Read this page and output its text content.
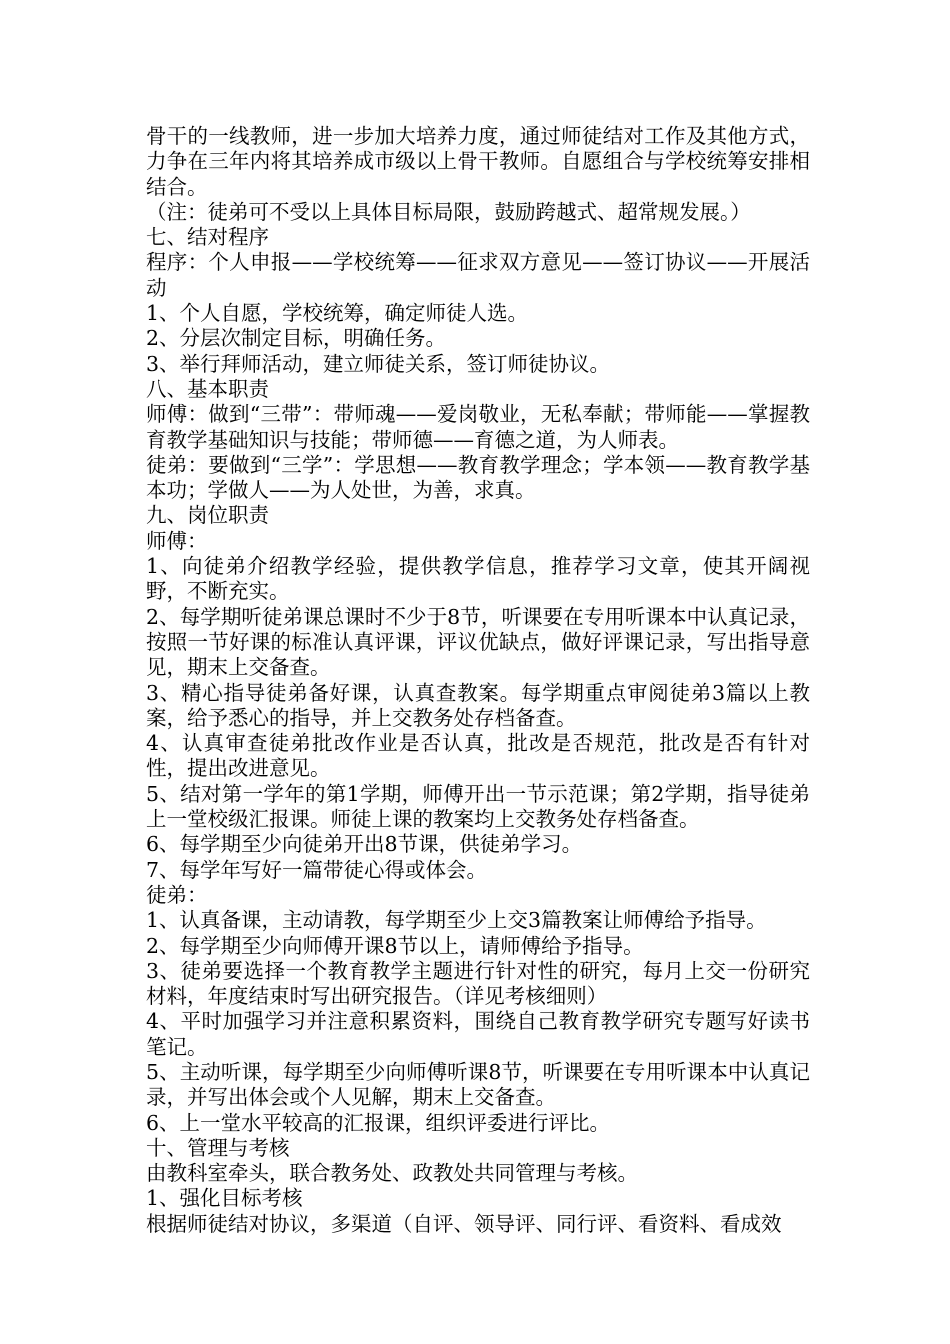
骨干的一线教师，进一步加大培养力度，通过师徒结对工作及其他方式，力争在三年内将其培养成市级以上骨干教师。自愿组合与学校统筹安排相结合。

（注：徒弟可不受以上具体目标局限，鼓励跨越式、超常规发展。）

七、结对程序

程序：个人申报——学校统筹——征求双方意见——签订协议——开展活动

1、个人自愿，学校统筹，确定师徒人选。

2、分层次制定目标，明确任务。

3、举行拜师活动，建立师徒关系，签订师徒协议。

八、基本职责

师傅：做到“三带”：带师魂——爱岗敬业，无私奉献；带师能——掌握教育教学基础知识与技能；带师德——育德之道，为人师表。

徒弟：要做到“三学”：学思想——教育教学理念；学本领——教育教学基本功；学做人——为人处世，为善，求真。

九、岗位职责

师傅：

1、向徒弟介绍教学经验，提供教学信息，推荐学习文章，使其开阔视野，不断充实。

2、每学期听徒弟课总课时不少于8节，听课要在专用听课本中认真记录，按照一节好课的标准认真评课，评议优缺点，做好评课记录，写出指导意见，期末上交备查。

3、精心指导徒弟备好课，认真查教案。每学期重点审阅徒弟3篇以上教案，给予悉心的指导，并上交教务处存档备查。

4、认真审查徒弟批改作业是否认真，批改是否规范，批改是否有针对性，提出改进意见。

5、结对第一学年的第1学期，师傅开出一节示范课；第2学期，指导徒弟上一堂校级汇报课。师徒上课的教案均上交教务处存档备查。

6、每学期至少向徒弟开出8节课，供徒弟学习。

7、每学年写好一篇带徒心得或体会。

徒弟：

1、认真备课，主动请教，每学期至少上交3篇教案让师傅给予指导。

2、每学期至少向师傅开课8节以上，请师傅给予指导。

3、徒弟要选择一个教育教学主题进行针对性的研究，每月上交一份研究材料，年度结束时写出研究报告。（详见考核细则）

4、平时加强学习并注意积累资料，围绕自己教育教学研究专题写好读书笔记。

5、主动听课，每学期至少向师傅听课8节，听课要在专用听课本中认真记录，并写出体会或个人见解，期末上交备查。

6、上一堂水平较高的汇报课，组织评委进行评比。

十、管理与考核

由教科室牵头，联合教务处、政教处共同管理与考核。

1、强化目标考核

根据师徒结对协议，多渠道（自评、领导评、同行评、看资料、看成效
